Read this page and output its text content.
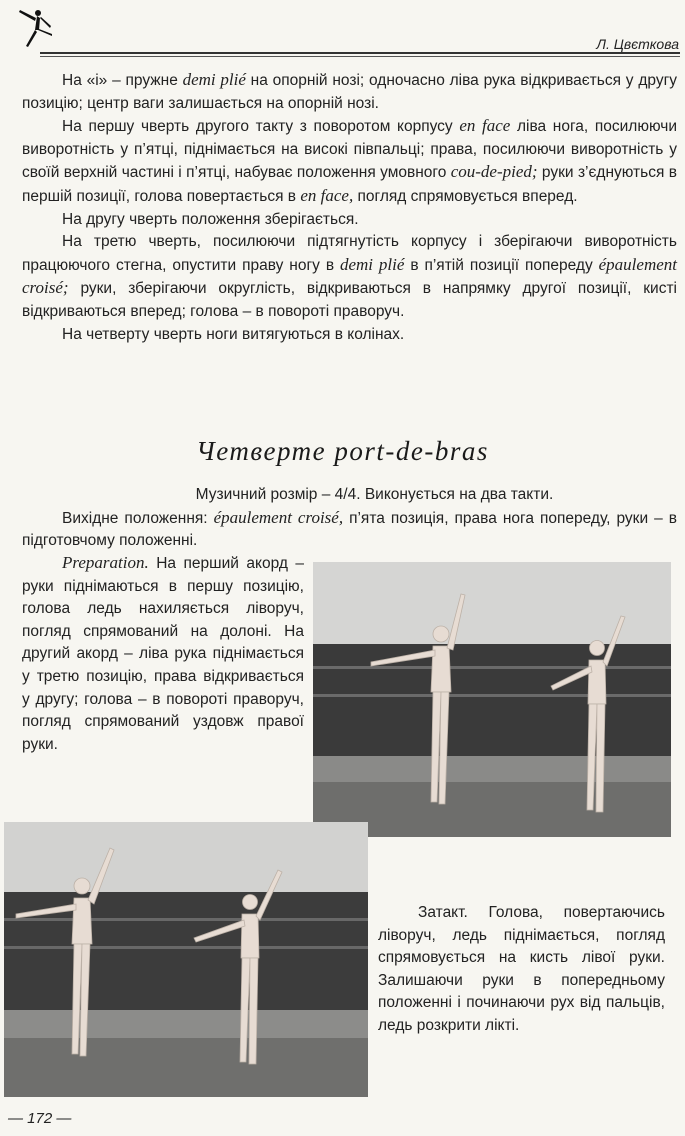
Л. Цвєткова

На «і» – пружне demi plié на опорній нозі; одночасно ліва рука відкривається у другу позицію; центр ваги залишається на опорній нозі.

На першу чверть другого такту з поворотом корпусу en face ліва нога, посилюючи виворотність у п’ятці, піднімається на високі півпальці; права, посилюючи виворотність у своїй верхній частині і п’ятці, набуває положення умовного cou-de-pied; руки з’єднуються в першій позиції, голова повертається в en face, погляд спрямовується вперед.

На другу чверть положення зберігається.

На третю чверть, посилюючи підтягнутість корпусу і зберігаючи виворотність працюючого стегна, опустити праву ногу в demi plié в п’ятій позиції попереду épaulement croisé; руки, зберігаючи округлість, відкриваються в напрямку другої позиції, кисті відкриваються вперед; голова – в повороті праворуч.

На четверту чверть ноги витягуються в колінах.

Четверте port-de-bras

Музичний розмір – 4/4. Виконується на два такти.

Вихідне положення: épaulement croisé, п’ята позиція, права нога попереду, руки – в підготовчому положенні.

Preparation. На перший акорд – руки піднімаються в першу позицію, голова ледь нахиляється ліворуч, погляд спрямований на долоні. На другий акорд – ліва рука піднімається у третю позицію, права відкривається у другу; голова – в повороті праворуч, погляд спрямований уздовж правої руки.

Затакт. Голова, повертаючись ліворуч, ледь піднімається, погляд спрямовується на кисть лівої руки. Залишаючи руки в попередньому положенні і починаючи рух від пальців, ледь розкрити лікті.

— 172 —
